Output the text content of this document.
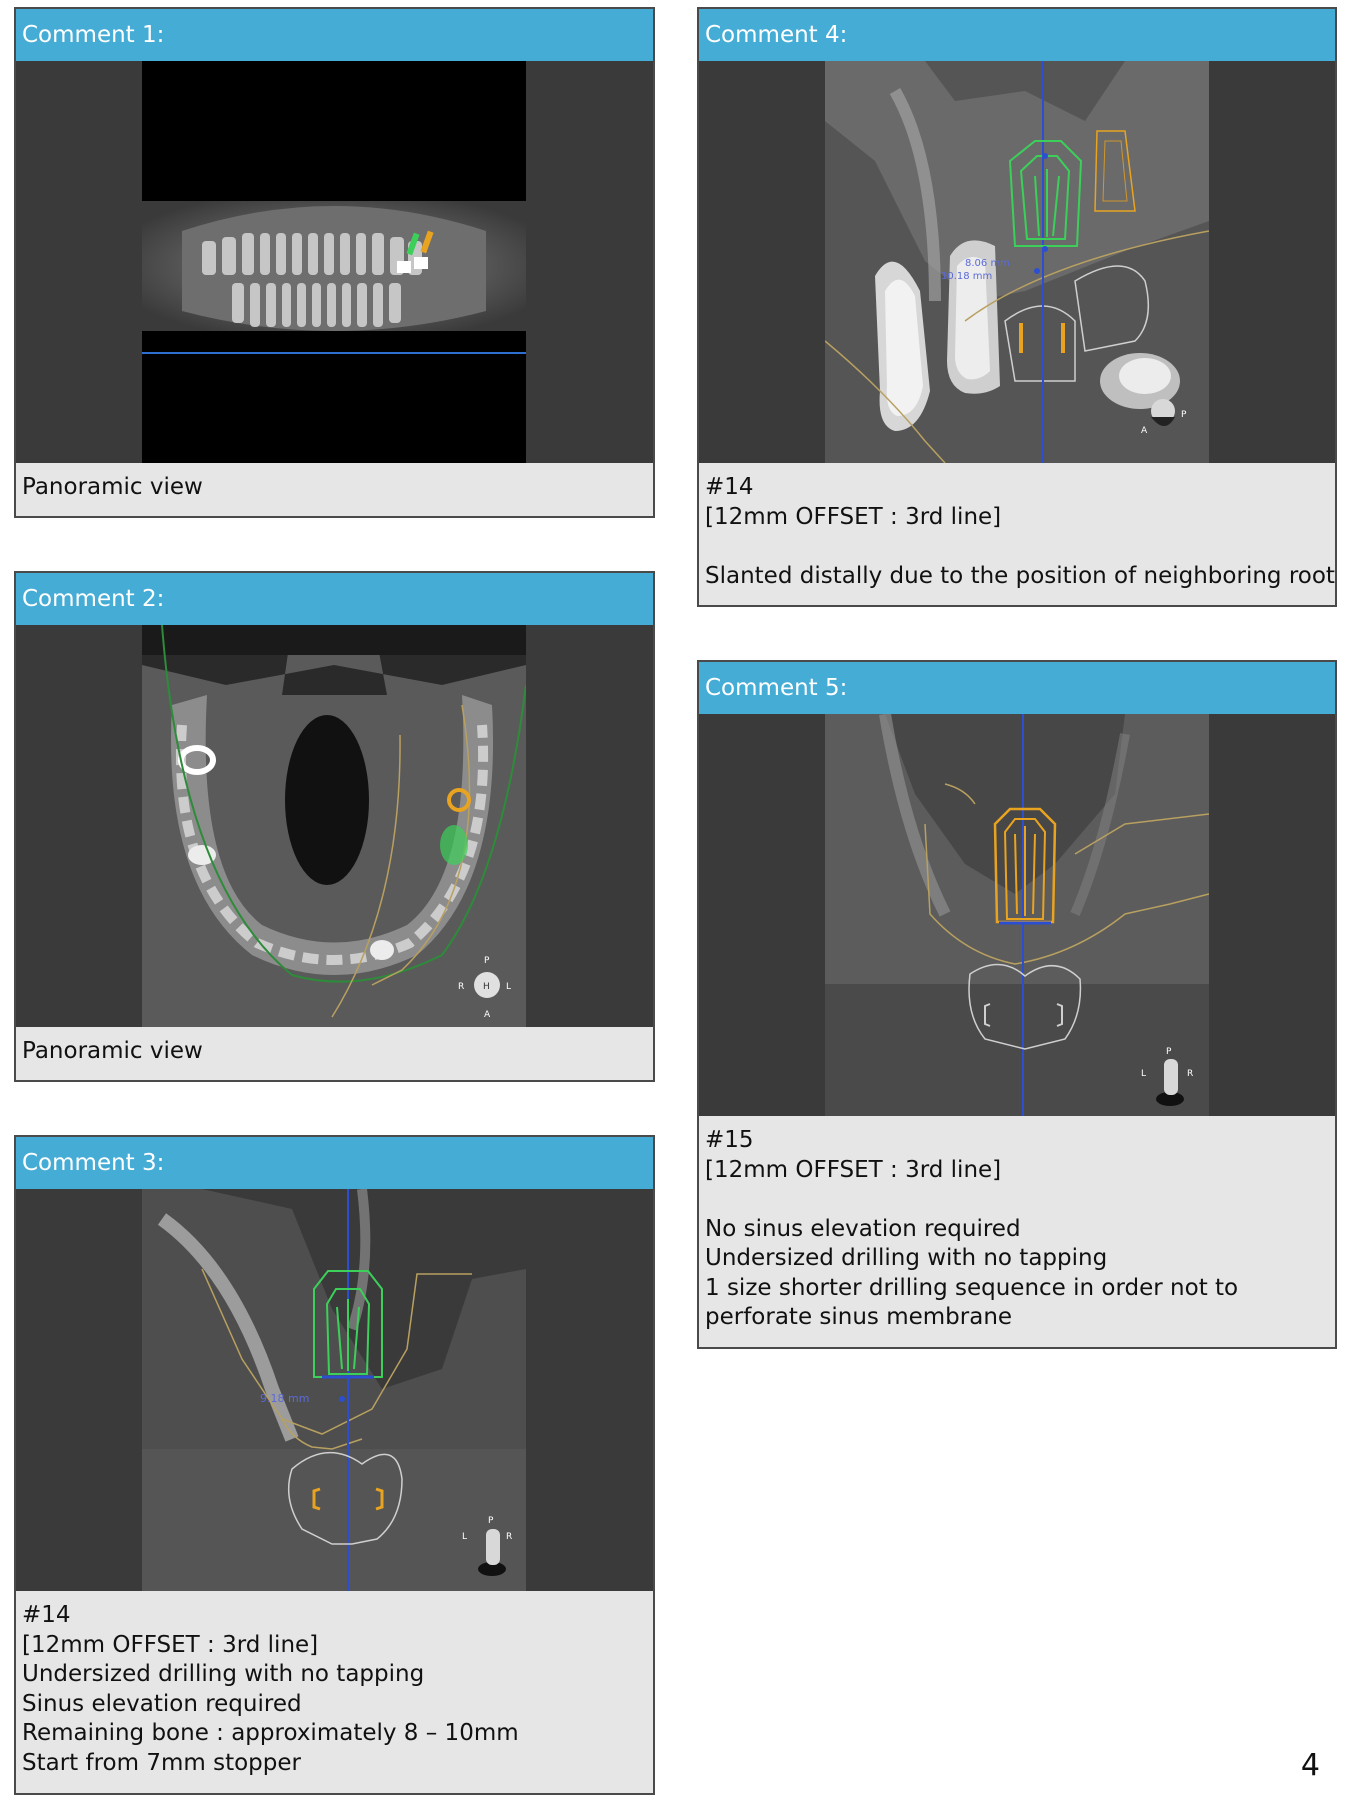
Comment 1:
Panoramic view
Comment 2:
P
R H L
A
Panoramic view
Comment 3:
9.18 mm
L
P
R
#14
[12mm OFFSET : 3rd line]
Undersized drilling with no tapping
Sinus elevation required
Remaining bone : approximately 8 – 10mm
Start from 7mm stopper
Comment 4:
8.06 mm
10.18 mm
A
P
#14
[12mm OFFSET : 3rd line]
Slanted distally due to the position of neighboring root
Comment 5:
L
P
R
#15
[12mm OFFSET : 3rd line]
No sinus elevation required
Undersized drilling with no tapping
1 size shorter drilling sequence in order not to
perforate sinus membrane
4
